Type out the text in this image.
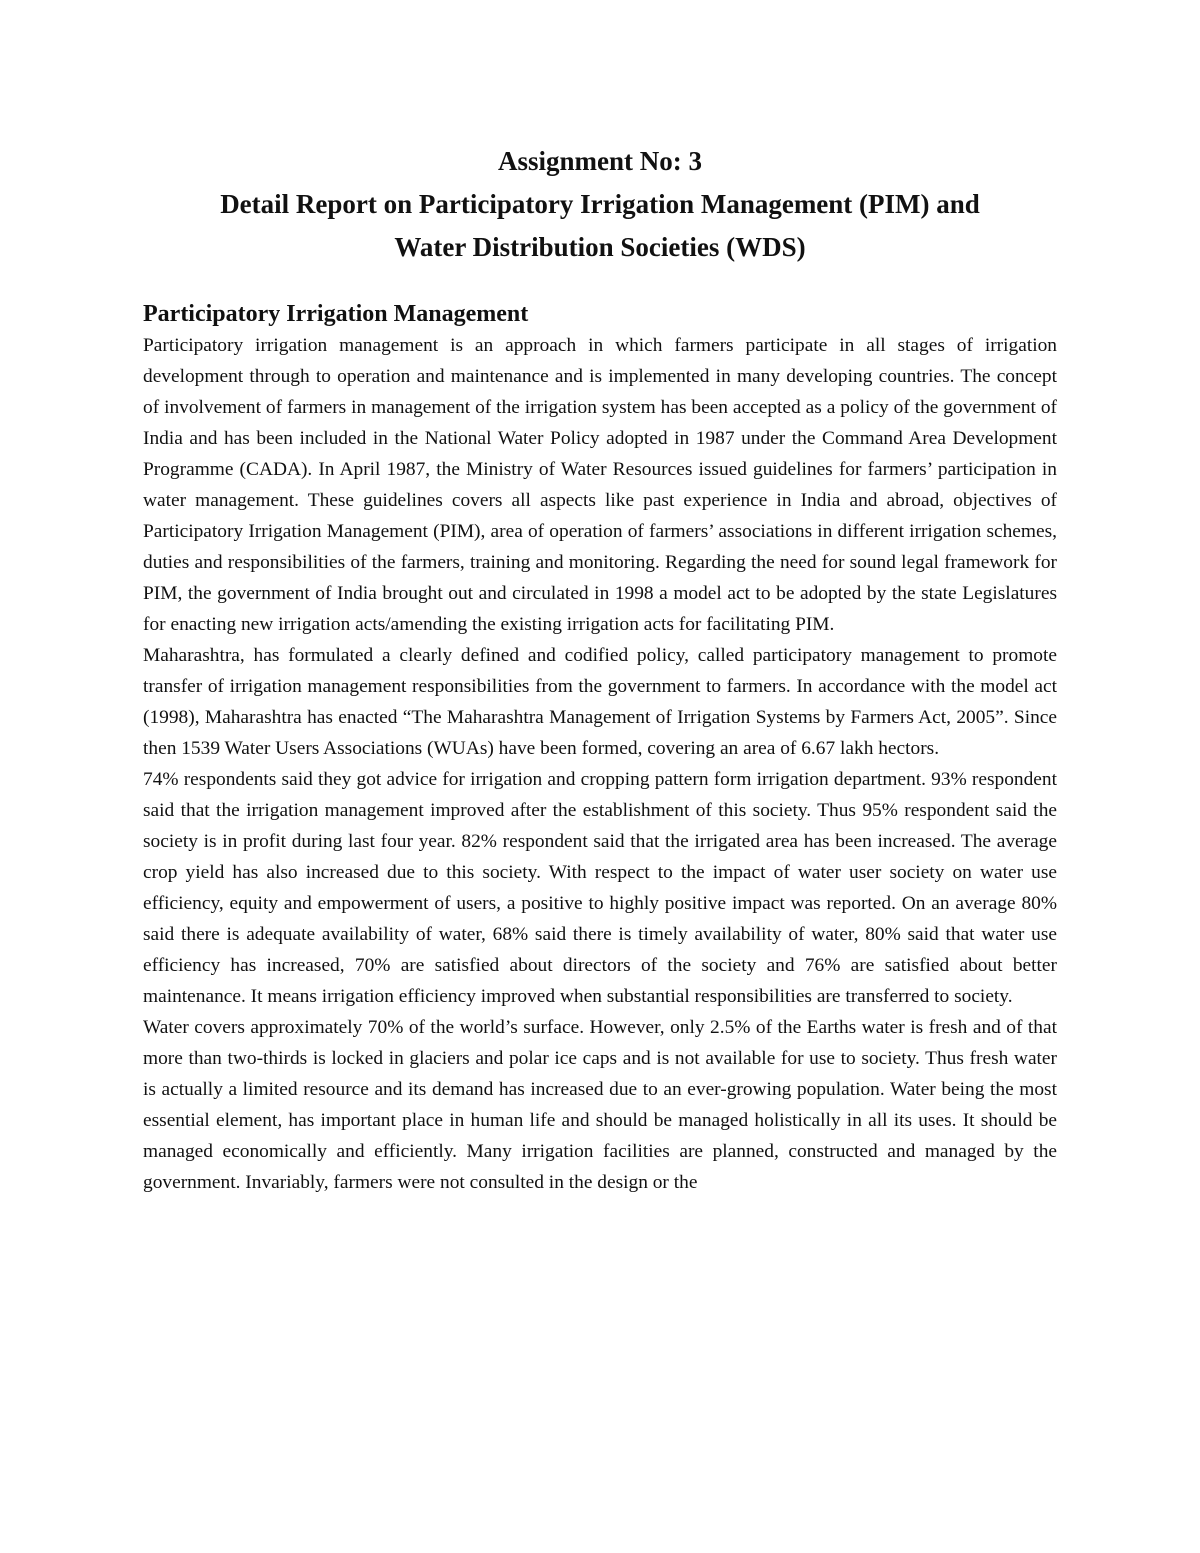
Assignment No: 3
Detail Report on Participatory Irrigation Management (PIM) and
Water Distribution Societies (WDS)
Participatory Irrigation Management

Participatory irrigation management is an approach in which farmers participate in all stages of irrigation development through to operation and maintenance and is implemented in many developing countries. The concept of involvement of farmers in management of the irrigation system has been accepted as a policy of the government of India and has been included in the National Water Policy adopted in 1987 under the Command Area Development Programme (CADA). In April 1987, the Ministry of Water Resources issued guidelines for farmers’ participation in water management. These guidelines covers all aspects like past experience in India and abroad, objectives of Participatory Irrigation Management (PIM), area of operation of farmers’ associations in different irrigation schemes, duties and responsibilities of the farmers, training and monitoring. Regarding the need for sound legal framework for PIM, the government of India brought out and circulated in 1998 a model act to be adopted by the state Legislatures for enacting new irrigation acts/amending the existing irrigation acts for facilitating PIM.

Maharashtra, has formulated a clearly defined and codified policy, called participatory management to promote transfer of irrigation management responsibilities from the government to farmers. In accordance with the model act (1998), Maharashtra has enacted “The Maharashtra Management of Irrigation Systems by Farmers Act, 2005”. Since then 1539 Water Users Associations (WUAs) have been formed, covering an area of 6.67 lakh hectors.

74% respondents said they got advice for irrigation and cropping pattern form irrigation department. 93% respondent said that the irrigation management improved after the establishment of this society. Thus 95% respondent said the society is in profit during last four year. 82% respondent said that the irrigated area has been increased. The average crop yield has also increased due to this society. With respect to the impact of water user society on water use efficiency, equity and empowerment of users, a positive to highly positive impact was reported. On an average 80% said there is adequate availability of water, 68% said there is timely availability of water, 80% said that water use efficiency has increased, 70% are satisfied about directors of the society and 76% are satisfied about better maintenance. It means irrigation efficiency improved when substantial responsibilities are transferred to society.

Water covers approximately 70% of the world’s surface. However, only 2.5% of the Earths water is fresh and of that more than two-thirds is locked in glaciers and polar ice caps and is not available for use to society. Thus fresh water is actually a limited resource and its demand has increased due to an ever-growing population. Water being the most essential element, has important place in human life and should be managed holistically in all its uses. It should be managed economically and efficiently. Many irrigation facilities are planned, constructed and managed by the government. Invariably, farmers were not consulted in the design or the
